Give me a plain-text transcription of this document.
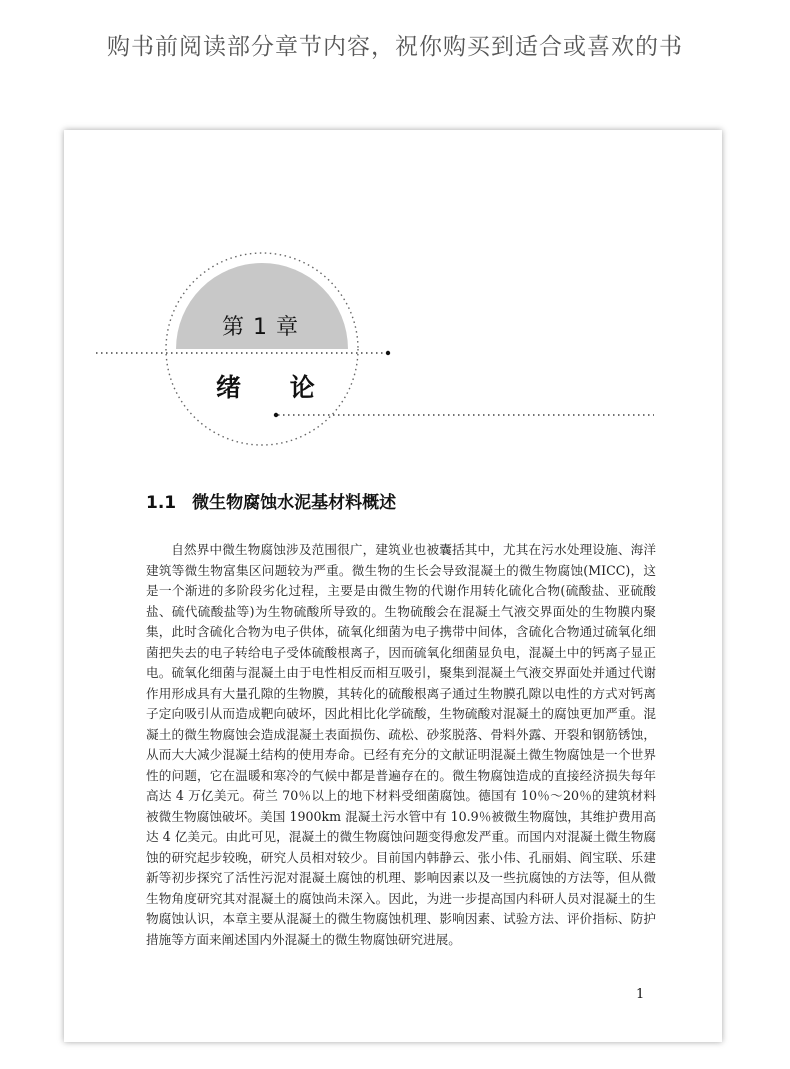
购书前阅读部分章节内容，祝你购买到适合或喜欢的书
第 1 章
绪 论
1.1 微生物腐蚀水泥基材料概述

自然界中微生物腐蚀涉及范围很广，建筑业也被囊括其中，尤其在污水处理设施、海洋建筑等微生物富集区问题较为严重。微生物的生长会导致混凝土的微生物腐蚀(MICC)，这是一个渐进的多阶段劣化过程，主要是由微生物的代谢作用转化硫化合物(硫酸盐、亚硫酸盐、硫代硫酸盐等)为生物硫酸所导致的。生物硫酸会在混凝土气液交界面处的生物膜内聚集，此时含硫化合物为电子供体，硫氧化细菌为电子携带中间体，含硫化合物通过硫氧化细菌把失去的电子转给电子受体硫酸根离子，因而硫氧化细菌显负电，混凝土中的钙离子显正电。硫氧化细菌与混凝土由于电性相反而相互吸引，聚集到混凝土气液交界面处并通过代谢作用形成具有大量孔隙的生物膜，其转化的硫酸根离子通过生物膜孔隙以电性的方式对钙离子定向吸引从而造成靶向破坏，因此相比化学硫酸，生物硫酸对混凝土的腐蚀更加严重。混凝土的微生物腐蚀会造成混凝土表面损伤、疏松、砂浆脱落、骨料外露、开裂和钢筋锈蚀，从而大大减少混凝土结构的使用寿命。已经有充分的文献证明混凝土微生物腐蚀是一个世界性的问题，它在温暖和寒冷的气候中都是普遍存在的。微生物腐蚀造成的直接经济损失每年高达 4 万亿美元。荷兰 70％以上的地下材料受细菌腐蚀。德国有 10％～20％的建筑材料被微生物腐蚀破坏。美国 1900km 混凝土污水管中有 10.9％被微生物腐蚀，其维护费用高达 4 亿美元。由此可见，混凝土的微生物腐蚀问题变得愈发严重。而国内对混凝土微生物腐蚀的研究起步较晚，研究人员相对较少。目前国内韩静云、张小伟、孔丽娟、阎宝联、乐建新等初步探究了活性污泥对混凝土腐蚀的机理、影响因素以及一些抗腐蚀的方法等，但从微生物角度研究其对混凝土的腐蚀尚未深入。因此，为进一步提高国内科研人员对混凝土的生物腐蚀认识，本章主要从混凝土的微生物腐蚀机理、影响因素、试验方法、评价指标、防护措施等方面来阐述国内外混凝土的微生物腐蚀研究进展。

1
